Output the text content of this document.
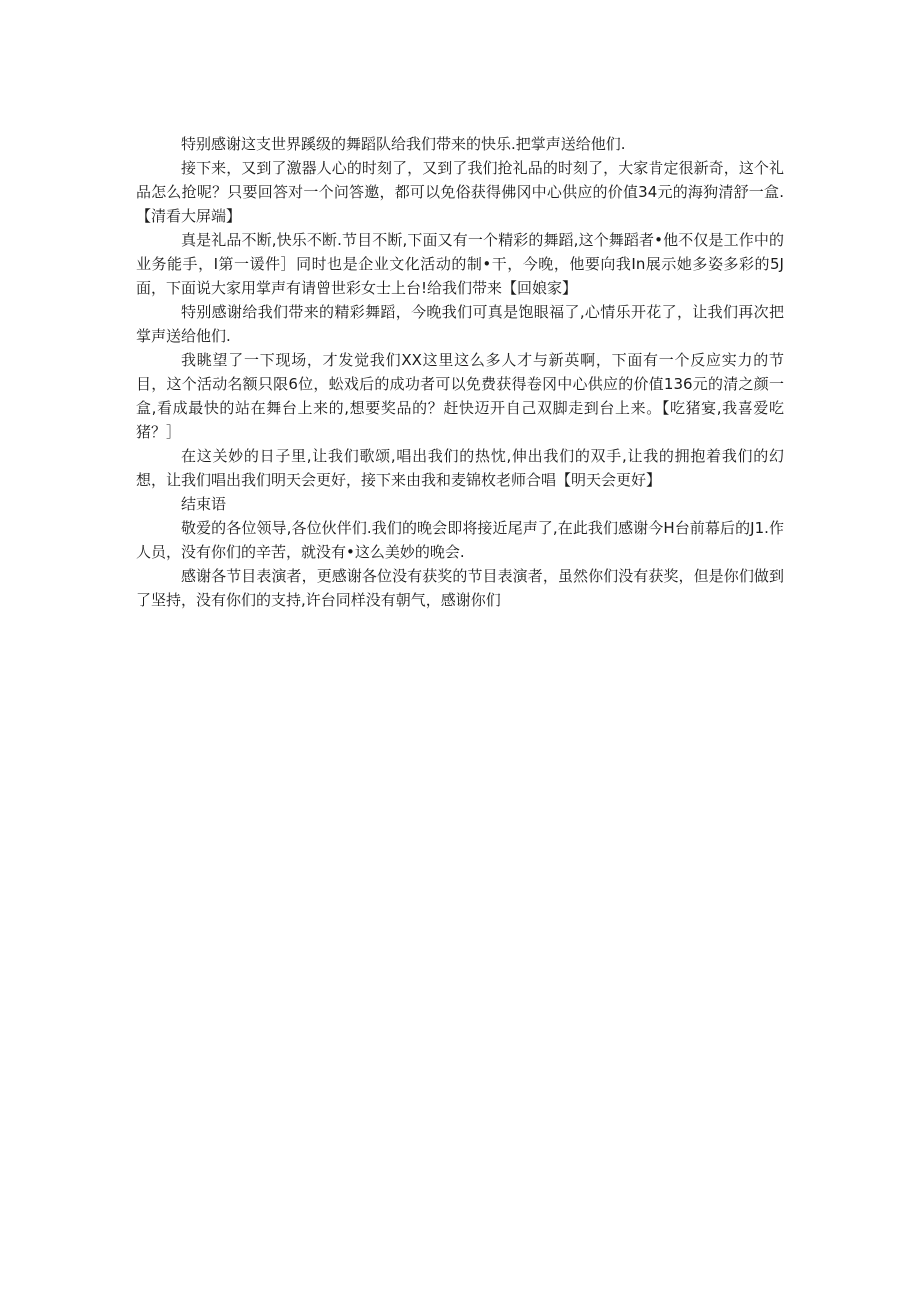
特别感谢这支世界蹊级的舞蹈队给我们带来的快乐.把掌声送给他们.

接下来，又到了激器人心的时刻了，又到了我们抢礼品的时刻了，大家肯定很新奇，这个礼品怎么抢呢？只要回答对一个问答邀，都可以免俗获得佛冈中心供应的价值34元的海狗清舒一盒.【清看大屏端】

真是礼品不断,快乐不断.节目不断,下面又有一个精彩的舞蹈,这个舞蹈者•他不仅是工作中的业务能手，I第一谖件］同时也是企业文化活动的制•干，今晚，他要向我In展示她多姿多彩的5J面，下面说大家用掌声有请曾世彩女士上台!给我们带来【回娘家】

特别感谢给我们带来的精彩舞蹈，今晚我们可真是饱眼福了,心情乐开花了，让我们再次把掌声送给他们.

我眺望了一下现场，才发觉我们XX这里这么多人才与新英啊，下面有一个反应实力的节目，这个活动名额只限6位，蚣戏后的成功者可以免费获得卷冈中心供应的价值136元的清之颜一盒,看成最快的站在舞台上来的,想要奖品的？赶快迈开自己双脚走到台上来。【吃猪宴,我喜爱吃猪？］

在这关妙的日子里,让我们歌颂,唱出我们的热忱,伸出我们的双手,让我的拥抱着我们的幻想，让我们唱出我们明天会更好，接下来由我和麦锦枚老师合唱【明天会更好】

结束语

敬爱的各位领导,各位伙伴们.我们的晚会即将接近尾声了,在此我们感谢今H台前幕后的J1.作人员，没有你们的辛苦，就没有•这么美妙的晚会.

感谢各节目表演者，更感谢各位没有获奖的节目表演者，虽然你们没有获奖，但是你们做到了坚持，没有你们的支持,许台同样没有朝气，感谢你们
